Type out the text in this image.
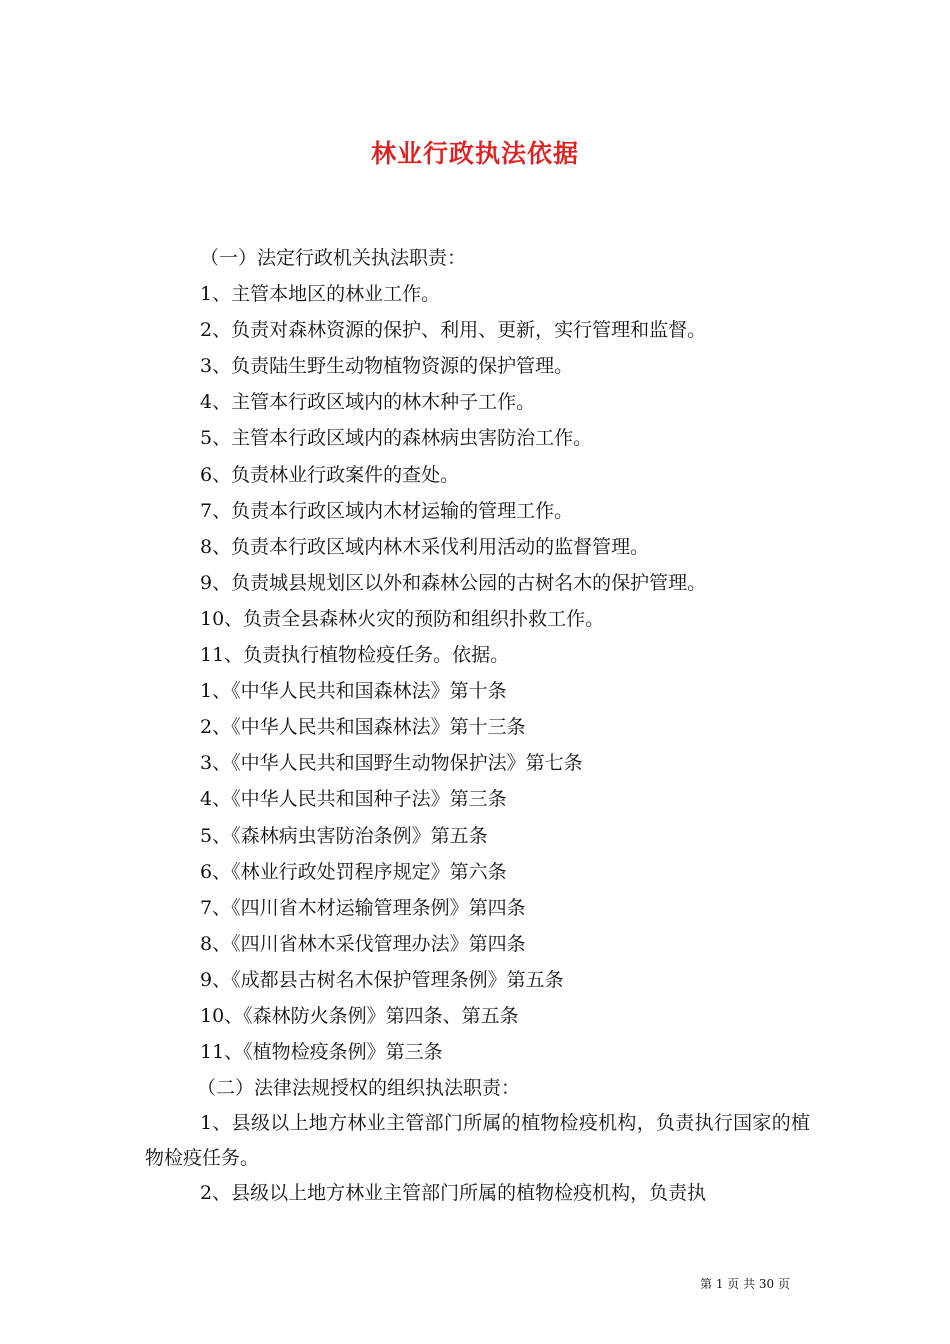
林业行政执法依据
（一）法定行政机关执法职责：
1、主管本地区的林业工作。
2、负责对森林资源的保护、利用、更新，实行管理和监督。
3、负责陆生野生动物植物资源的保护管理。
4、主管本行政区域内的林木种子工作。
5、主管本行政区域内的森林病虫害防治工作。
6、负责林业行政案件的查处。
7、负责本行政区域内木材运输的管理工作。
8、负责本行政区域内林木采伐利用活动的监督管理。
9、负责城县规划区以外和森林公园的古树名木的保护管理。
10、负责全县森林火灾的预防和组织扑救工作。
11、负责执行植物检疫任务。依据。
1、《中华人民共和国森林法》第十条
2、《中华人民共和国森林法》第十三条
3、《中华人民共和国野生动物保护法》第七条
4、《中华人民共和国种子法》第三条
5、《森林病虫害防治条例》第五条
6、《林业行政处罚程序规定》第六条
7、《四川省木材运输管理条例》第四条
8、《四川省林木采伐管理办法》第四条
9、《成都县古树名木保护管理条例》第五条
10、《森林防火条例》第四条、第五条
11、《植物检疫条例》第三条
（二）法律法规授权的组织执法职责：
1、县级以上地方林业主管部门所属的植物检疫机构，负责执行国家的植物检疫任务。
2、县级以上地方林业主管部门所属的植物检疫机构，负责执
第 1 页 共 30 页
